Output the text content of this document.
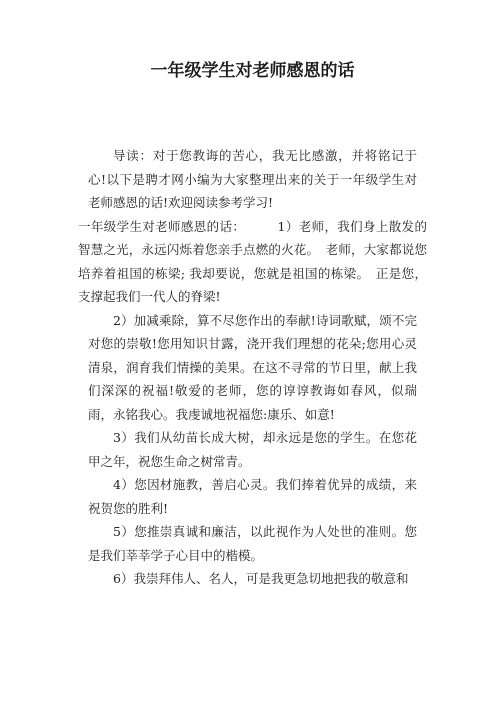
一年级学生对老师感恩的话

导读：对于您教诲的苦心，我无比感激，并将铭记于心!以下是聘才网小编为大家整理出来的关于一年级学生对老师感恩的话!欢迎阅读参考学习!

一年级学生对老师感恩的话：　　　1）老师，我们身上散发的智慧之光，永远闪烁着您亲手点燃的火花。　老师，大家都说您培养着祖国的栋梁; 我却要说，您就是祖国的栋梁。　正是您，支撑起我们一代人的脊梁!

2）加减乘除，算不尽您作出的奉献!诗词歌赋，颂不完对您的崇敬!您用知识甘露，浇开我们理想的花朵;您用心灵清泉，润育我们情操的美果。在这不寻常的节日里，献上我们深深的祝福!敬爱的老师，您的谆谆教诲如春风，似瑞雨，永铭我心。我虔诚地祝福您:康乐、如意!

3）我们从幼苗长成大树，却永远是您的学生。在您花甲之年，祝您生命之树常青。

4）您因材施教，善启心灵。我们捧着优异的成绩，来祝贺您的胜利!

5）您推崇真诚和廉洁，以此视作为人处世的准则。您是我们莘莘学子心目中的楷模。

6）我崇拜伟人、名人，可是我更急切地把我的敬意和
